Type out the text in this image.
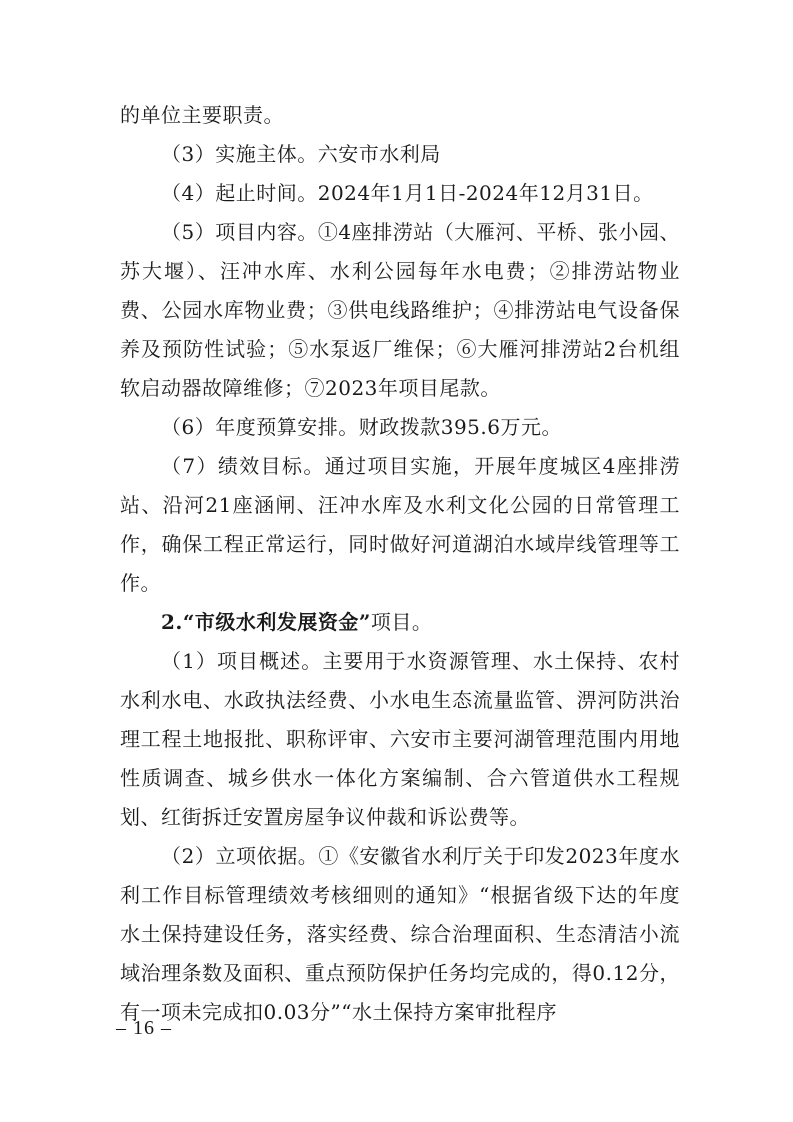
的单位主要职责。

（3）实施主体。六安市水利局

（4）起止时间。2024年1月1日-2024年12月31日。

（5）项目内容。①4座排涝站（大雁河、平桥、张小园、苏大堰）、汪冲水库、水利公园每年水电费；②排涝站物业费、公园水库物业费；③供电线路维护；④排涝站电气设备保养及预防性试验；⑤水泵返厂维保；⑥大雁河排涝站2台机组软启动器故障维修；⑦2023年项目尾款。

（6）年度预算安排。财政拨款395.6万元。

（7）绩效目标。通过项目实施，开展年度城区4座排涝站、沿河21座涵闸、汪冲水库及水利文化公园的日常管理工作，确保工程正常运行，同时做好河道湖泊水域岸线管理等工作。

2.“市级水利发展资金”项目。

（1）项目概述。主要用于水资源管理、水土保持、农村水利水电、水政执法经费、小水电生态流量监管、淠河防洪治理工程土地报批、职称评审、六安市主要河湖管理范围内用地性质调查、城乡供水一体化方案编制、合六管道供水工程规划、红街拆迁安置房屋争议仲裁和诉讼费等。

（2）立项依据。①《安徽省水利厅关于印发2023年度水利工作目标管理绩效考核细则的通知》“根据省级下达的年度水土保持建设任务，落实经费、综合治理面积、生态清洁小流域治理条数及面积、重点预防保护任务均完成的，得0.12分，有一项未完成扣0.03分”“水土保持方案审批程序

– 16 –
